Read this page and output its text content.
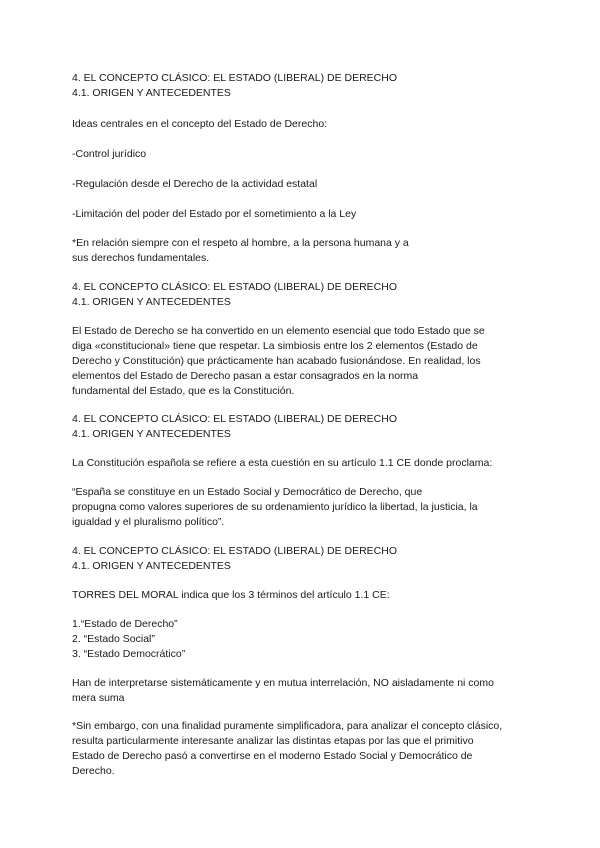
4. EL CONCEPTO CLÁSICO: EL ESTADO (LIBERAL) DE DERECHO
4.1. ORIGEN Y ANTECEDENTES
Ideas centrales en el concepto del Estado de Derecho:
-Control jurídico
-Regulación desde el Derecho de la actividad estatal
-Limitación del poder del Estado por el sometimiento a la Ley
*En relación siempre con el respeto al hombre, a la persona humana y a
sus derechos fundamentales.
4. EL CONCEPTO CLÁSICO: EL ESTADO (LIBERAL) DE DERECHO
4.1. ORIGEN Y ANTECEDENTES
El Estado de Derecho se ha convertido en un elemento esencial que todo Estado que se
diga «constitucional» tiene que respetar. La simbiosis entre los 2 elementos (Estado de
Derecho y Constitución) que prácticamente han acabado fusionándose. En realidad, los
elementos del Estado de Derecho pasan a estar consagrados en la norma
fundamental del Estado, que es la Constitución.
4. EL CONCEPTO CLÁSICO: EL ESTADO (LIBERAL) DE DERECHO
4.1. ORIGEN Y ANTECEDENTES
La Constitución española se refiere a esta cuestión en su artículo 1.1 CE donde proclama:
“España se constituye en un Estado Social y Democrático de Derecho, que
propugna como valores superiores de su ordenamiento jurídico la libertad, la justicia, la
igualdad y el pluralismo político”.
4. EL CONCEPTO CLÁSICO: EL ESTADO (LIBERAL) DE DERECHO
4.1. ORIGEN Y ANTECEDENTES
TORRES DEL MORAL indica que los 3 términos del artículo 1.1 CE:
1.“Estado de Derecho”
2. “Estado Social”
3. “Estado Democrático”
Han de interpretarse sistemáticamente y en mutua interrelación, NO aisladamente ni como
mera suma
*Sin embargo, con una finalidad puramente simplificadora, para analizar el concepto clásico,
resulta particularmente interesante analizar las distintas etapas por las que el primitivo
Estado de Derecho pasó a convertirse en el moderno Estado Social y Democrático de
Derecho.
